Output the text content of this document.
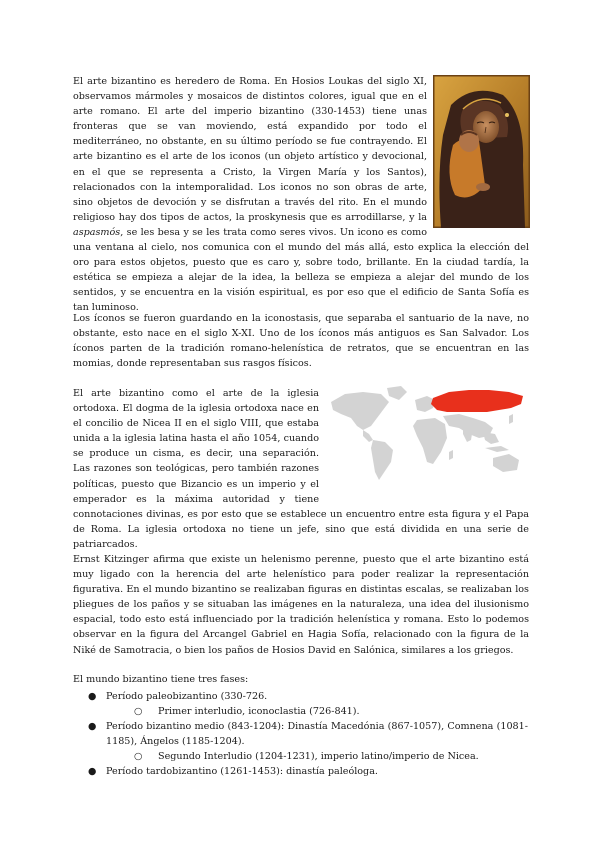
El arte bizantino es heredero de Roma. En Hosios Loukas del siglo XI, observamos mármoles y mosaicos de distintos colores, igual que en el arte romano. El arte del imperio bizantino (330-1453) tiene unas fronteras que se van moviendo, está expandido por todo el mediterráneo, no obstante, en su último período se fue contrayendo. El arte bizantino es el arte de los iconos (un objeto artístico y devocional, en el que se representa a Cristo, la Virgen María y los Santos), relacionados con la intemporalidad. Los iconos no son obras de arte, sino objetos de devoción y se disfrutan a través del rito. En el mundo religioso hay dos tipos de actos, la proskynesis que es arrodillarse, y la aspasmós, se les besa y se les trata como seres vivos. Un icono es como una ventana al cielo, nos comunica con el mundo del más allá, esto explica la elección del oro para estos objetos, puesto que es caro y, sobre todo, brillante. En la ciudad tardía, la estética se empieza a alejar de la idea, la belleza se empieza a alejar del mundo de los sentidos, y se encuentra en la visión espiritual, es por eso que el edificio de Santa Sofía es tan luminoso.

Los íconos se fueron guardando en la iconostasis, que separaba el santuario de la nave, no obstante, esto nace en el siglo X-XI. Uno de los íconos más antiguos es San Salvador. Los íconos parten de la tradición romano-helenística de retratos, que se encuentran en las momias, donde representaban sus rasgos físicos.

El arte bizantino como el arte de la iglesia ortodoxa. El dogma de la iglesia ortodoxa nace en el concilio de Nicea II en el siglo VIII, que estaba unida a la iglesia latina hasta el año 1054, cuando se produce un cisma, es decir, una separación. Las razones son teológicas, pero también razones políticas, puesto que Bizancio es un imperio y el emperador es la máxima autoridad y tiene connotaciones divinas, es por esto que se establece un encuentro entre esta figura y el Papa de Roma. La iglesia ortodoxa no tiene un jefe, sino que está dividida en una serie de patriarcados.

Ernst Kitzinger afirma que existe un helenismo perenne, puesto que el arte bizantino está muy ligado con la herencia del arte helenístico para poder realizar la representación figurativa. En el mundo bizantino se realizaban figuras en distintas escalas, se realizaban los pliegues de los paños y se situaban las imágenes en la naturaleza, una idea del ilusionismo espacial, todo esto está influenciado por la tradición helenística y romana. Esto lo podemos observar en la figura del Arcangel Gabriel en Hagia Sofía, relacionado con la figura de la Niké de Samotracia, o bien los paños de Hosios David en Salónica, similares a los griegos.

El mundo bizantino tiene tres fases:

● Período paleobizantino (330-726.
○ Primer interludio, iconoclastia (726-841).
● Período bizantino medio (843-1204): Dinastía Macedónia (867-1057), Comnena (1081-1185), Ángelos (1185-1204).
○ Segundo Interludio (1204-1231), imperio latino/imperio de Nicea.
● Período tardobizantino (1261-1453): dinastía paleóloga.
